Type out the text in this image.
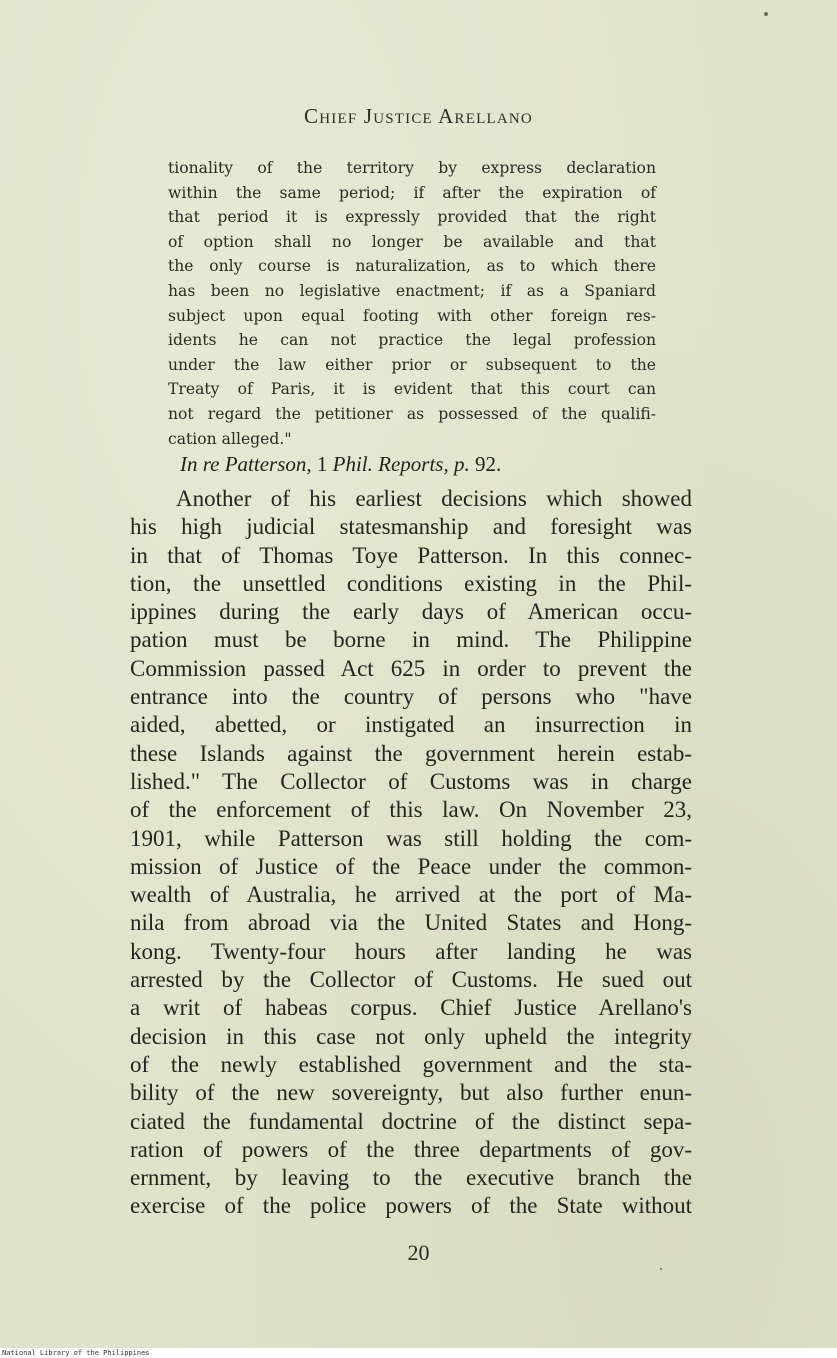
Chief Justice Arellano
tionality of the territory by express declaration
within the same period; if after the expiration of
that period it is expressly provided that the right
of option shall no longer be available and that
the only course is naturalization, as to which there
has been no legislative enactment; if as a Spaniard
subject upon equal footing with other foreign res-
idents he can not practice the legal profession
under the law either prior or subsequent to the
Treaty of Paris, it is evident that this court can
not regard the petitioner as possessed of the qualifi-
cation alleged."
In re Patterson, 1 Phil. Reports, p. 92.
Another of his earliest decisions which showed
his high judicial statesmanship and foresight was
in that of Thomas Toye Patterson. In this connec-
tion, the unsettled conditions existing in the Phil-
ippines during the early days of American occu-
pation must be borne in mind. The Philippine
Commission passed Act 625 in order to prevent the
entrance into the country of persons who "have
aided, abetted, or instigated an insurrection in
these Islands against the government herein estab-
lished." The Collector of Customs was in charge
of the enforcement of this law. On November 23,
1901, while Patterson was still holding the com-
mission of Justice of the Peace under the common-
wealth of Australia, he arrived at the port of Ma-
nila from abroad via the United States and Hong-
kong. Twenty-four hours after landing he was
arrested by the Collector of Customs. He sued out
a writ of habeas corpus. Chief Justice Arellano's
decision in this case not only upheld the integrity
of the newly established government and the sta-
bility of the new sovereignty, but also further enun-
ciated the fundamental doctrine of the distinct sepa-
ration of powers of the three departments of gov-
ernment, by leaving to the executive branch the
exercise of the police powers of the State without
20
National Library of the Philippines
